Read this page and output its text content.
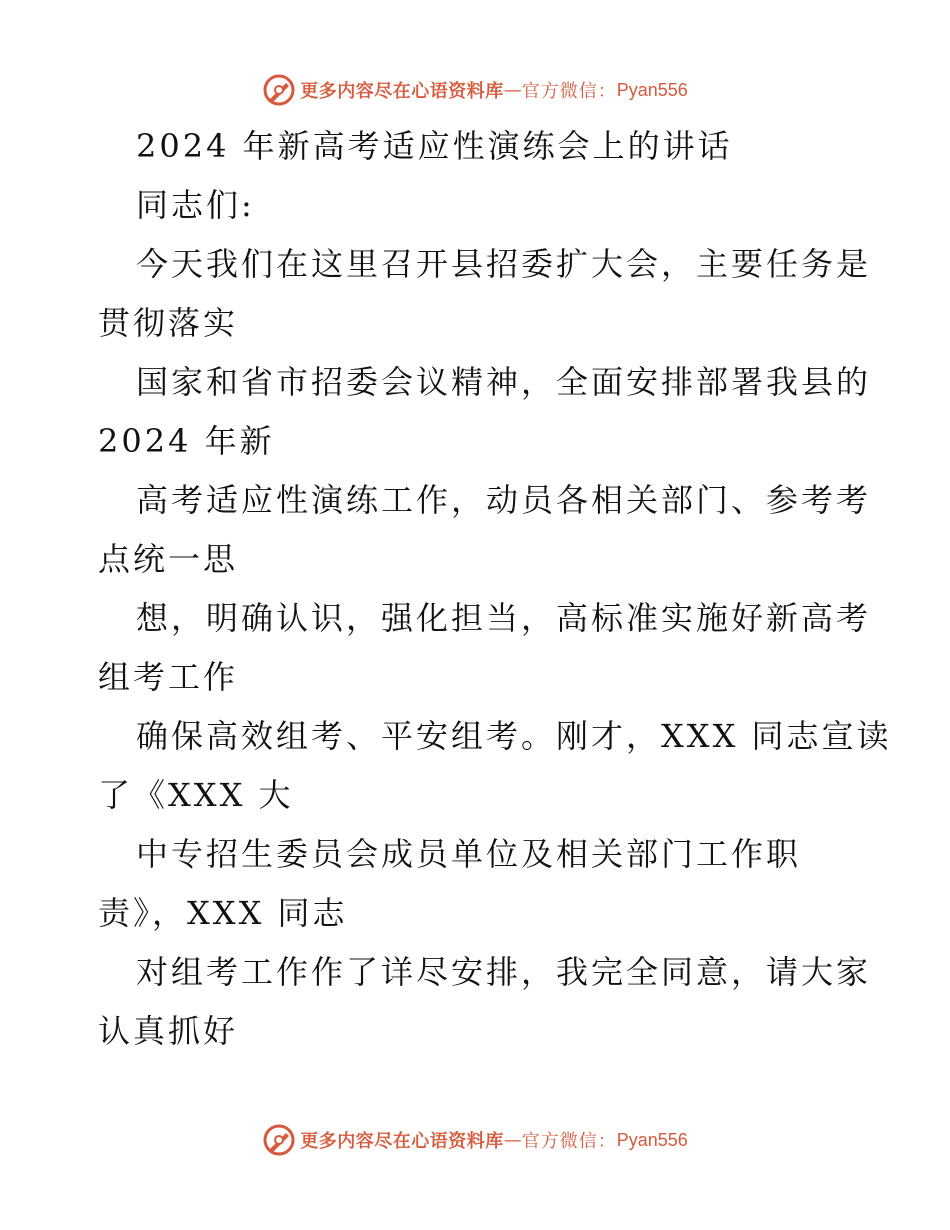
更多内容尽在心语资料库 — 官方微信： Pyan556
2024 年新高考适应性演练会上的讲话
同志们:
今天我们在这里召开县招委扩大会，主要任务是
贯彻落实
国家和省市招委会议精神，全面安排部署我县的
2024 年新
高考适应性演练工作，动员各相关部门、参考考
点统一思
想，明确认识，强化担当，高标准实施好新高考
组考工作
确保高效组考、平安组考。刚才，XXX 同志宣读
了《XXX 大
中专招生委员会成员单位及相关部门工作职
责》，XXX 同志
对组考工作作了详尽安排，我完全同意，请大家
认真抓好
更多内容尽在心语资料库 — 官方微信： Pyan556
